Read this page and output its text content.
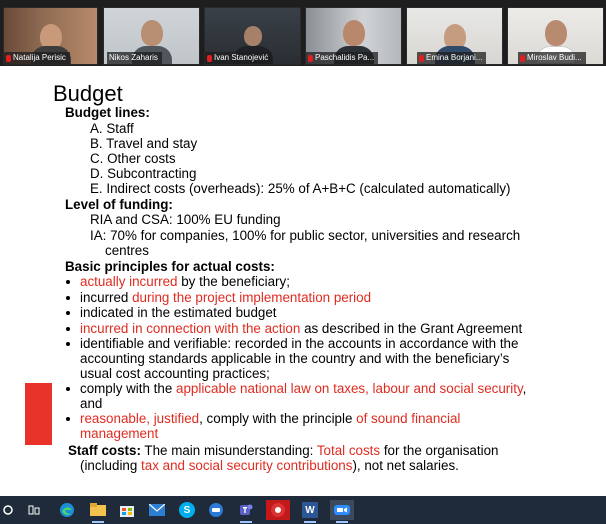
Natalija Perisic	Nikos Zaharis	Ivan Stanojević	Paschalidis Pa...	Emina Borjani...	Miroslav Budi...
Budget
Budget lines:
A. Staff
B. Travel and stay
C. Other costs
D. Subcontracting
E. Indirect costs (overheads): 25% of A+B+C (calculated automatically)
Level of funding:
RIA and CSA: 100% EU funding
IA: 70% for companies, 100% for public sector, universities and research
centres
Basic principles for actual costs:
actually incurred by the beneficiary;
incurred during the project implementation period
indicated in the estimated budget
incurred in connection with the action as described in the Grant Agreement
identifiable and verifiable: recorded in the accounts in accordance with the
accounting standards applicable in the country and with the beneficiary’s
usual cost accounting practices;
comply with the applicable national law on taxes, labour and social security,
and
reasonable, justified, comply with the principle of sound financial
management
Staff costs: The main misunderstanding: Total costs for the organisation
(including tax and social security contributions), not net salaries.
S	W
